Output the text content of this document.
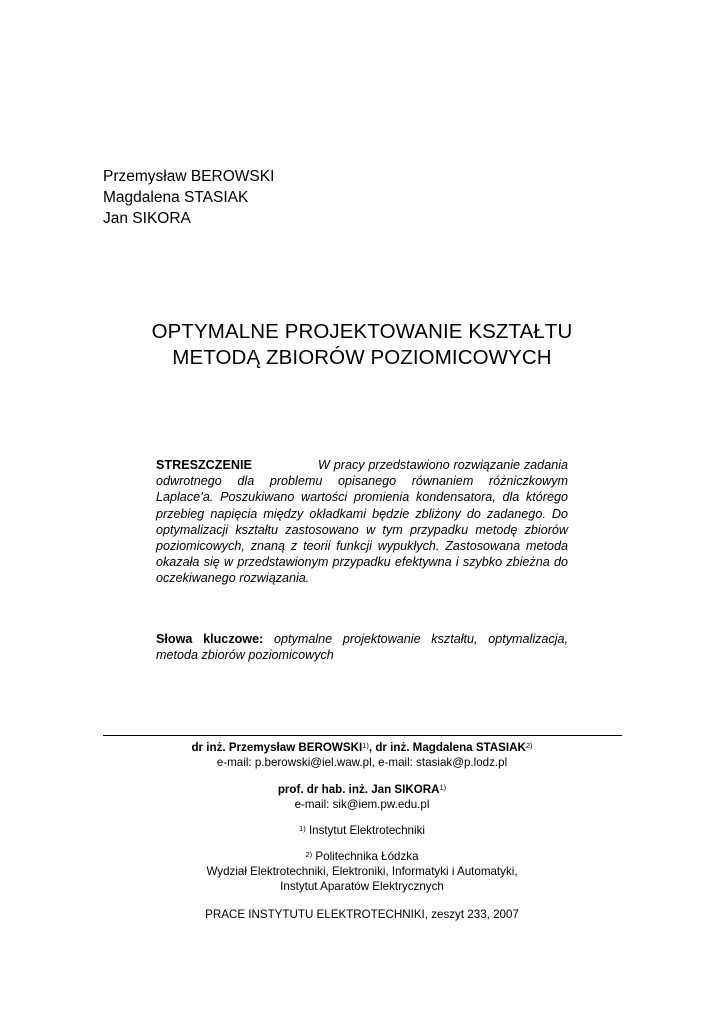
Przemysław BEROWSKI
Magdalena STASIAK
Jan SIKORA
OPTYMALNE PROJEKTOWANIE KSZTAŁTU
METODĄ ZBIORÓW POZIOMICOWYCH
STRESZCZENIE	W pracy przedstawiono rozwiązanie zadania odwrotnego dla problemu opisanego równaniem różniczkowym Laplace’a. Poszukiwano wartości promienia kondensatora, dla którego przebieg napięcia między okładkami będzie zbliżony do zadanego. Do optymalizacji kształtu zastosowano w tym przypadku metodę zbiorów poziomicowych, znaną z teorii funkcji wypukłych. Zastosowana metoda okazała się w przedstawionym przypadku efektywna i szybko zbieżna do oczekiwanego rozwiązania.
Słowa kluczowe: optymalne projektowanie kształtu, optymalizacja, metoda zbiorów poziomicowych
dr inż. Przemysław BEROWSKI$^{1)}$, dr inż. Magdalena STASIAK$^{2)}$
e-mail: p.berowski@iel.waw.pl, e-mail: stasiak@p.lodz.pl
prof. dr hab. inż. Jan SIKORA$^{1)}$
e-mail: sik@iem.pw.edu.pl
$^{1)}$ Instytut Elektrotechniki
$^{2)}$ Politechnika Łódzka
Wydział Elektrotechniki, Elektroniki, Informatyki i Automatyki,
Instytut Aparatów Elektrycznych
PRACE INSTYTUTU ELEKTROTECHNIKI, zeszyt 233, 2007
